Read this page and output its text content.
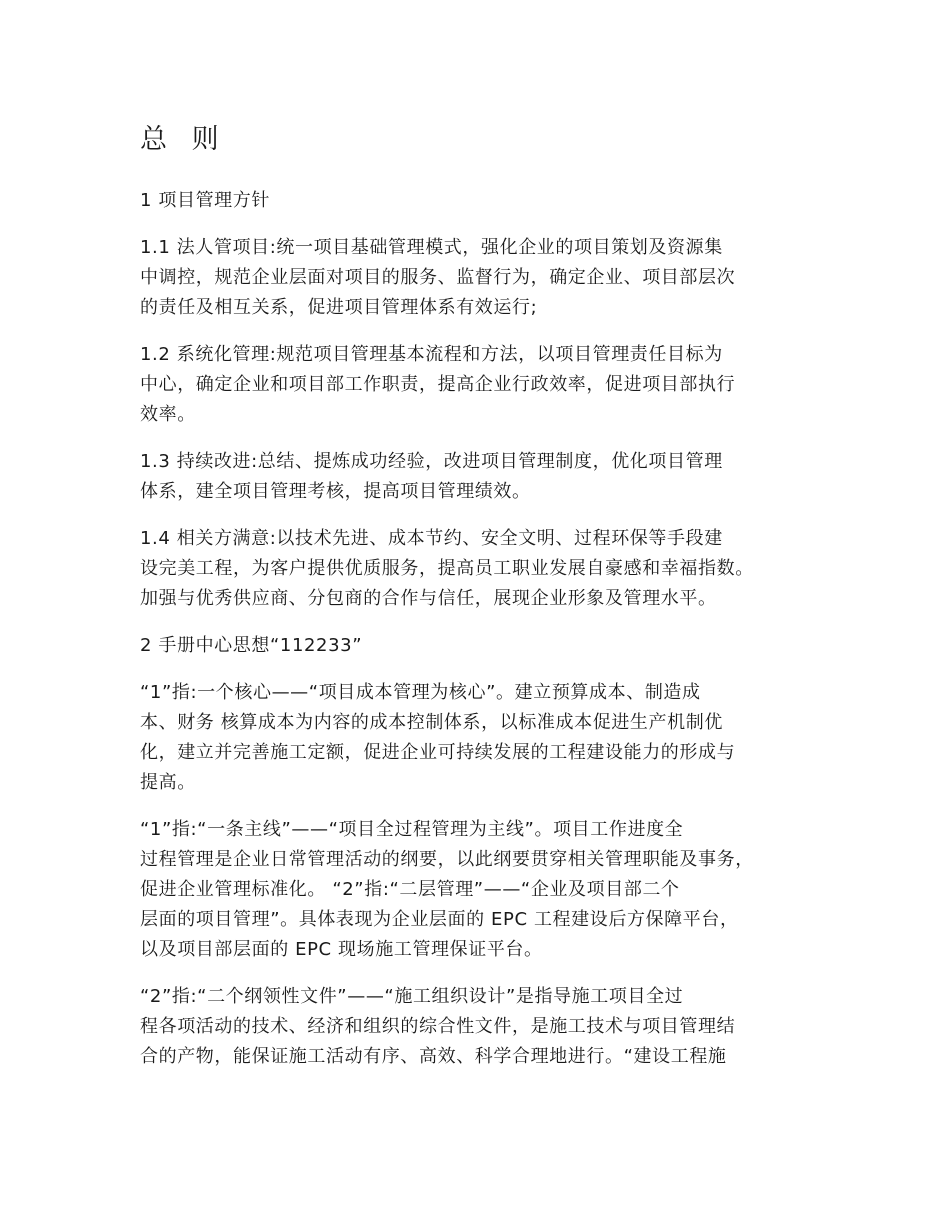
总 则
1 项目管理方针
1.1 法人管项目:统一项目基础管理模式，强化企业的项目策划及资源集
中调控，规范企业层面对项目的服务、监督行为，确定企业、项目部层次
的责任及相互关系，促进项目管理体系有效运行;
1.2 系统化管理:规范项目管理基本流程和方法，以项目管理责任目标为
中心，确定企业和项目部工作职责，提高企业行政效率，促进项目部执行
效率。
1.3 持续改进:总结、提炼成功经验，改进项目管理制度，优化项目管理
体系，建全项目管理考核，提高项目管理绩效。
1.4 相关方满意:以技术先进、成本节约、安全文明、过程环保等手段建
设完美工程，为客户提供优质服务，提高员工职业发展自豪感和幸福指数。
加强与优秀供应商、分包商的合作与信任，展现企业形象及管理水平。
2 手册中心思想“112233”
“1”指:一个核心——“项目成本管理为核心”。建立预算成本、制造成
本、财务 核算成本为内容的成本控制体系，以标准成本促进生产机制优
化，建立并完善施工定额，促进企业可持续发展的工程建设能力的形成与
提高。
“1”指:“一条主线”——“项目全过程管理为主线”。项目工作进度全
过程管理是企业日常管理活动的纲要，以此纲要贯穿相关管理职能及事务，
促进企业管理标准化。 “2”指:“二层管理”——“企业及项目部二个
层面的项目管理”。具体表现为企业层面的 EPC 工程建设后方保障平台，
以及项目部层面的 EPC 现场施工管理保证平台。
“2”指:“二个纲领性文件”——“施工组织设计”是指导施工项目全过
程各项活动的技术、经济和组织的综合性文件，是施工技术与项目管理结
合的产物，能保证施工活动有序、高效、科学合理地进行。“建设工程施
